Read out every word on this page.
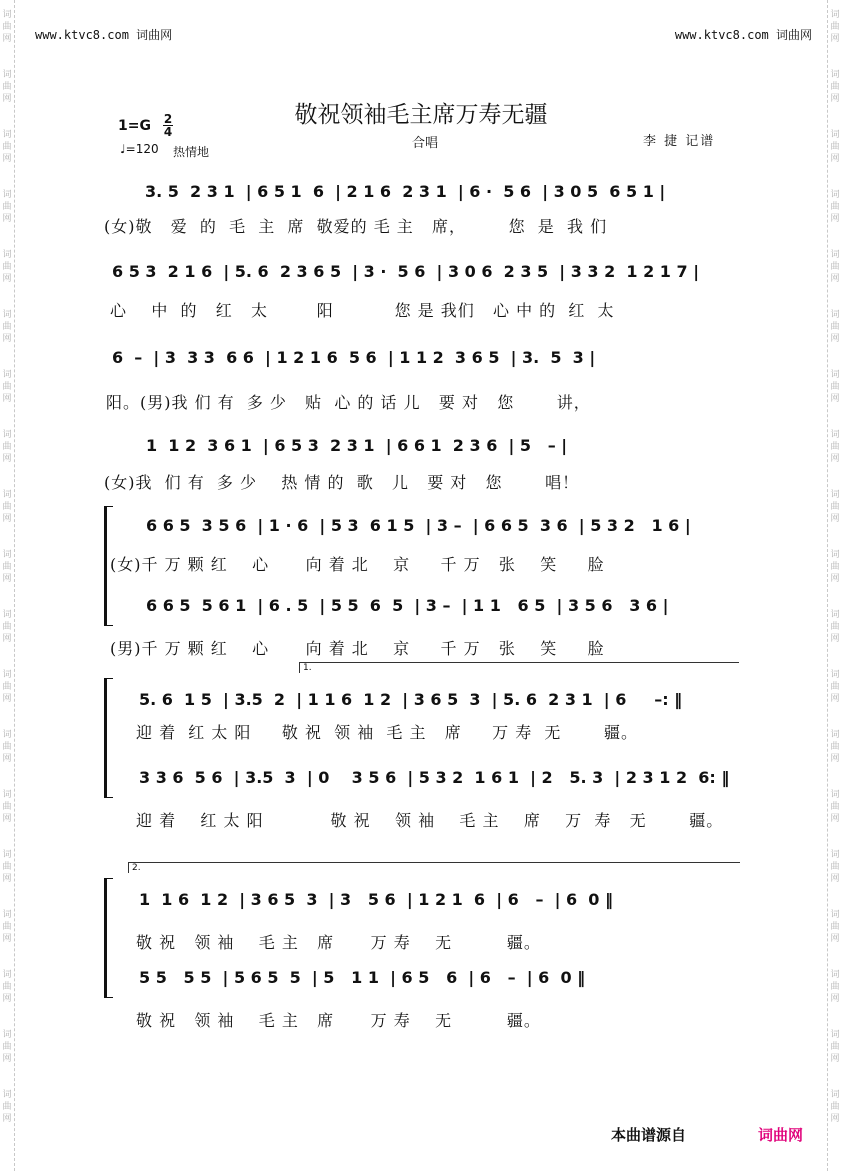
词
曲
网
词
曲
网
词
曲
网
词
曲
网
词
曲
网
词
曲
网
词
曲
网
词
曲
网
词
曲
网
词
曲
网
词
曲
网
词
曲
网
词
曲
网
词
曲
网
词
曲
网
词
曲
网
词
曲
网
词
曲
网
词
曲
网
词
曲
网
词
曲
网
词
曲
网
词
曲
网
词
曲
网
词
曲
网
词
曲
网
词
曲
网
词
曲
网
词
曲
网
词
曲
网
词
曲
网
词
曲
网
词
曲
网
词
曲
网
词
曲
网
词
曲
网
词
曲
网
词
曲
网
www.ktvc8.com 词曲网	www.ktvc8.com 词曲网
敬祝领袖毛主席万寿无疆
1=G 2
4
♩=120 热情地
合唱	李 捷 记谱
3. 5  2 3 1  | 6 5 1  6  | 2 1 6  2 3 1  | 6 ·  5 6  | 3 0 5  6 5 1 |
(女)敬   爱  的  毛  主  席  敬爱的 毛 主   席，       您  是  我 们
6 5 3  2 1 6  | 5. 6  2 3 6 5  | 3 ·  5 6  | 3 0 6  2 3 5  | 3 3 2  1 2 1 7 |
心    中  的   红   太        阳          您 是 我们   心 中 的  红  太
6  –  | 3  3 3  6 6  | 1 2 1 6  5 6  | 1 1 2  3 6 5  | 3.  5  3 |
阳。(男)我 们 有  多 少   贴  心 的 话 儿   要 对   您       讲，
1  1 2  3 6 1  | 6 5 3  2 3 1  | 6 6 1  2 3 6  | 5   – |
(女)我  们 有  多 少    热 情 的  歌   儿   要 对   您       唱！
6 6 5  3 5 6  | 1 · 6  | 5 3  6 1 5  | 3 –  | 6 6 5  3 6  | 5 3 2   1 6 |
(女)千 万 颗 红    心      向 着 北    京     千 万   张    笑     脸
6 6 5  5 6 1  | 6 . 5  | 5 5  6  5  | 3 –  | 1 1   6 5  | 3 5 6   3 6 |
(男)千 万 颗 红    心      向 着 北    京     千 万   张    笑     脸
1.
5. 6  1 5  | 3.5  2  | 1 1 6  1 2  | 3 6 5  3  | 5. 6  2 3 1  | 6     –: ‖
迎 着  红 太 阳     敬 祝  领 袖  毛 主   席     万 寿  无       疆。
3 3 6  5 6  | 3.5  3  | 0    3 5 6  | 5 3 2  1 6 1  | 2   5. 3  | 2 3 1 2  6: ‖
迎 着    红 太 阳           敬 祝    领 袖    毛 主    席    万  寿   无       疆。
2.
1  1 6  1 2  | 3 6 5  3  | 3   5 6  | 1 2 1  6  | 6   –  | 6  0 ‖
敬 祝   领 袖    毛 主   席      万 寿    无         疆。
5 5   5 5  | 5 6 5  5  | 5   1 1  | 6 5   6  | 6   –  | 6  0 ‖
敬 祝   领 袖    毛 主   席      万 寿    无         疆。
本曲谱源自	词曲网
